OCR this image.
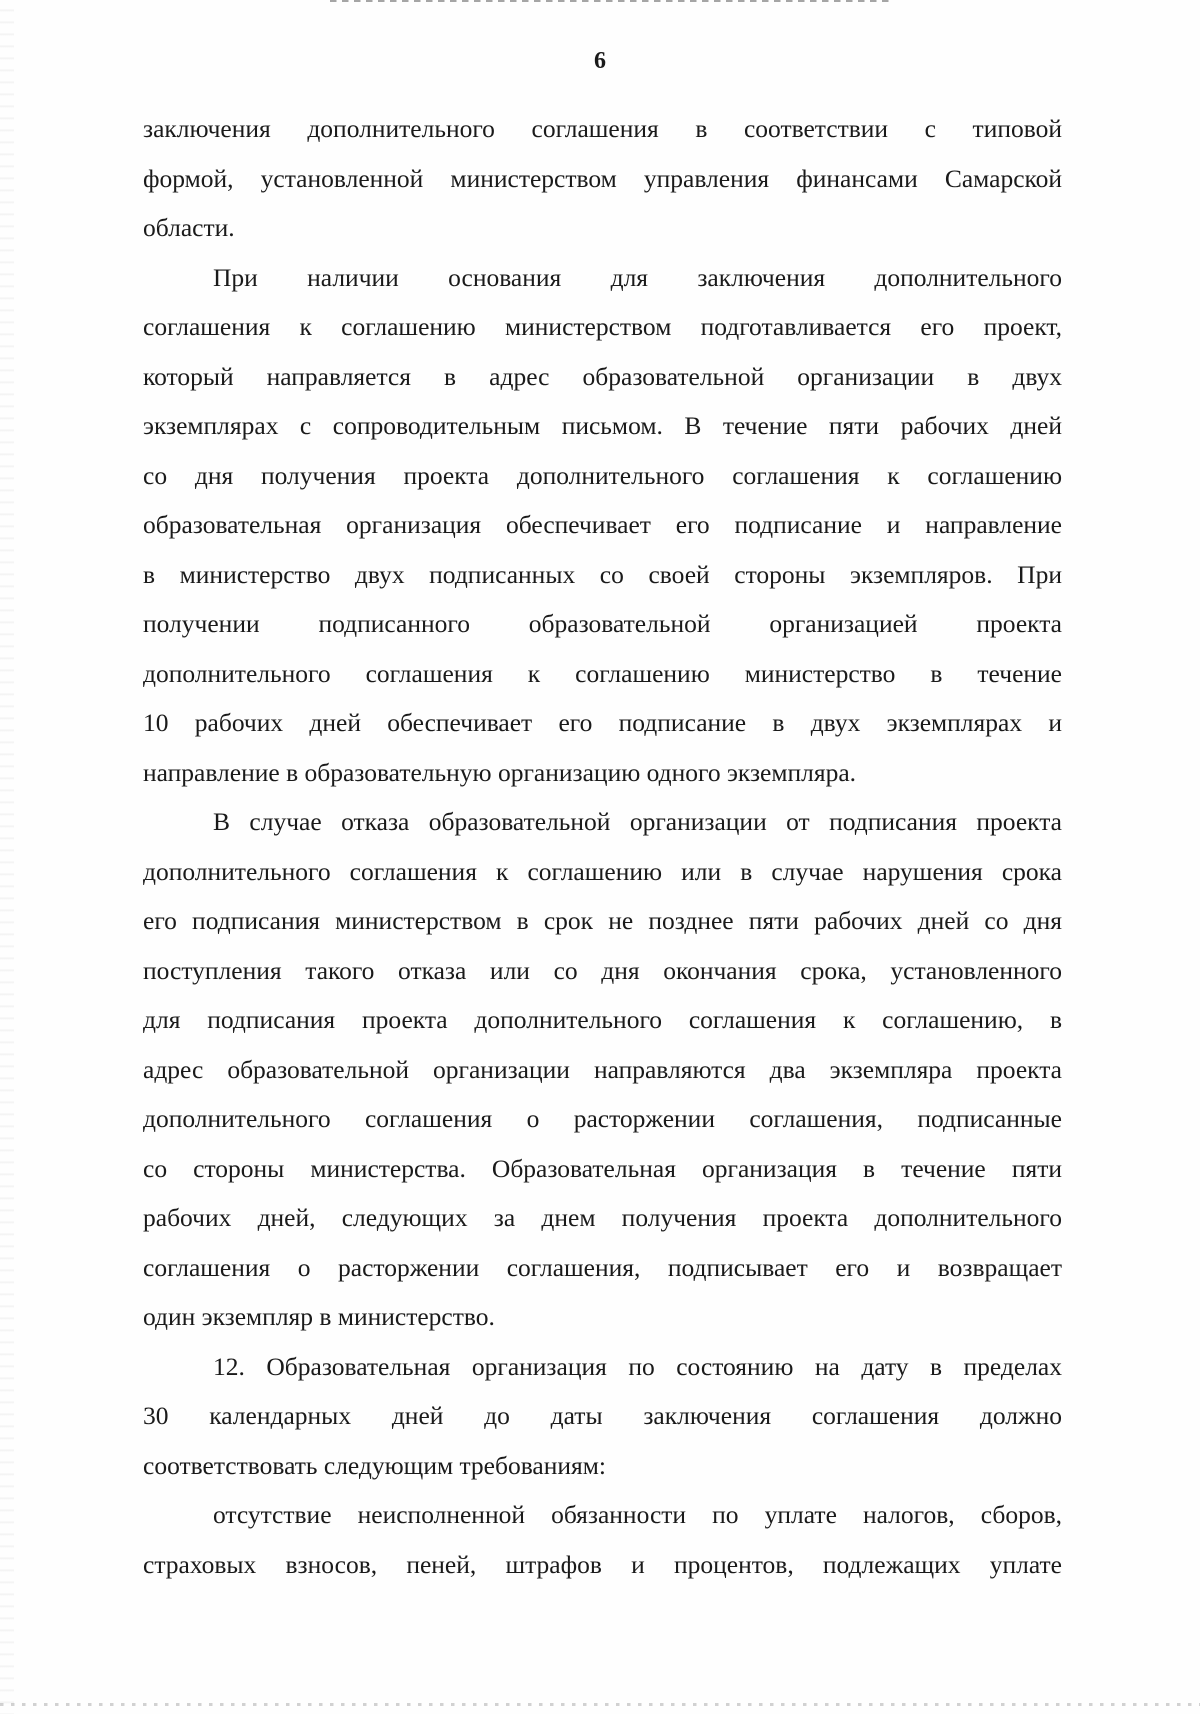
6

заключения дополнительного соглашения в соответствии с типовой
формой, установленной министерством управления финансами Самарской
области.

При наличии основания для заключения дополнительного
соглашения к соглашению министерством подготавливается его проект,
который направляется в адрес образовательной организации в двух
экземплярах с сопроводительным письмом. В течение пяти рабочих дней
со дня получения проекта дополнительного соглашения к соглашению
образовательная организация обеспечивает его подписание и направление
в министерство двух подписанных со своей стороны экземпляров. При
получении подписанного образовательной организацией проекта
дополнительного соглашения к соглашению министерство в течение
10 рабочих дней обеспечивает его подписание в двух экземплярах и
направление в образовательную организацию одного экземпляра.

В случае отказа образовательной организации от подписания проекта
дополнительного соглашения к соглашению или в случае нарушения срока
его подписания министерством в срок не позднее пяти рабочих дней со дня
поступления такого отказа или со дня окончания срока, установленного
для подписания проекта дополнительного соглашения к соглашению, в
адрес образовательной организации направляются два экземпляра проекта
дополнительного соглашения о расторжении соглашения, подписанные
со стороны министерства. Образовательная организация в течение пяти
рабочих дней, следующих за днем получения проекта дополнительного
соглашения о расторжении соглашения, подписывает его и возвращает
один экземпляр в министерство.

12. Образовательная организация по состоянию на дату в пределах
30 календарных дней до даты заключения соглашения должно
соответствовать следующим требованиям:

отсутствие неисполненной обязанности по уплате налогов, сборов,
страховых взносов, пеней, штрафов и процентов, подлежащих уплате
